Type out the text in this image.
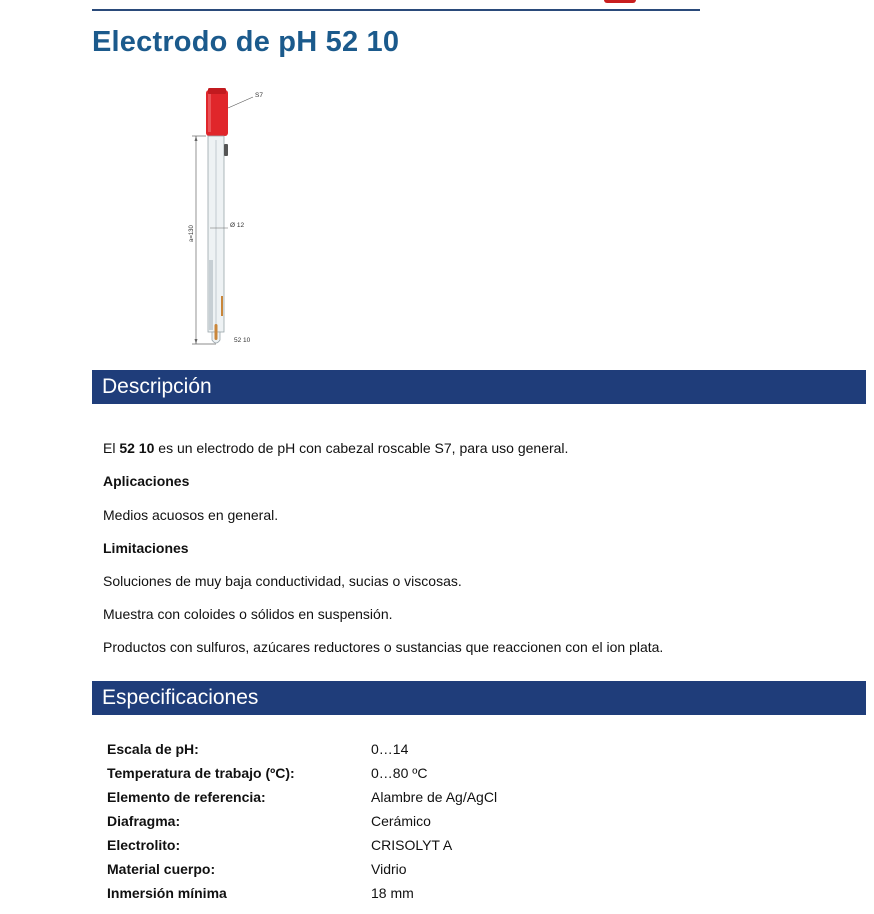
Electrodo de pH 52 10
a=130
S7
Ø 12
52 10
Descripción

El 52 10 es un electrodo de pH con cabezal roscable S7, para uso general.

Aplicaciones

Medios acuosos en general.

Limitaciones

Soluciones de muy baja conductividad, sucias o viscosas.

Muestra con coloides o sólidos en suspensión.

Productos con sulfuros, azúcares reductores o sustancias que reaccionen con el ion plata.

Especificaciones
Escala de pH:	0…14
Temperatura de trabajo (ºC):	0…80 ºC
Elemento de referencia:	Alambre de Ag/AgCl
Diafragma:	Cerámico
Electrolito:	CRISOLYT A
Material cuerpo:	Vidrio
Inmersión mínima	18 mm
